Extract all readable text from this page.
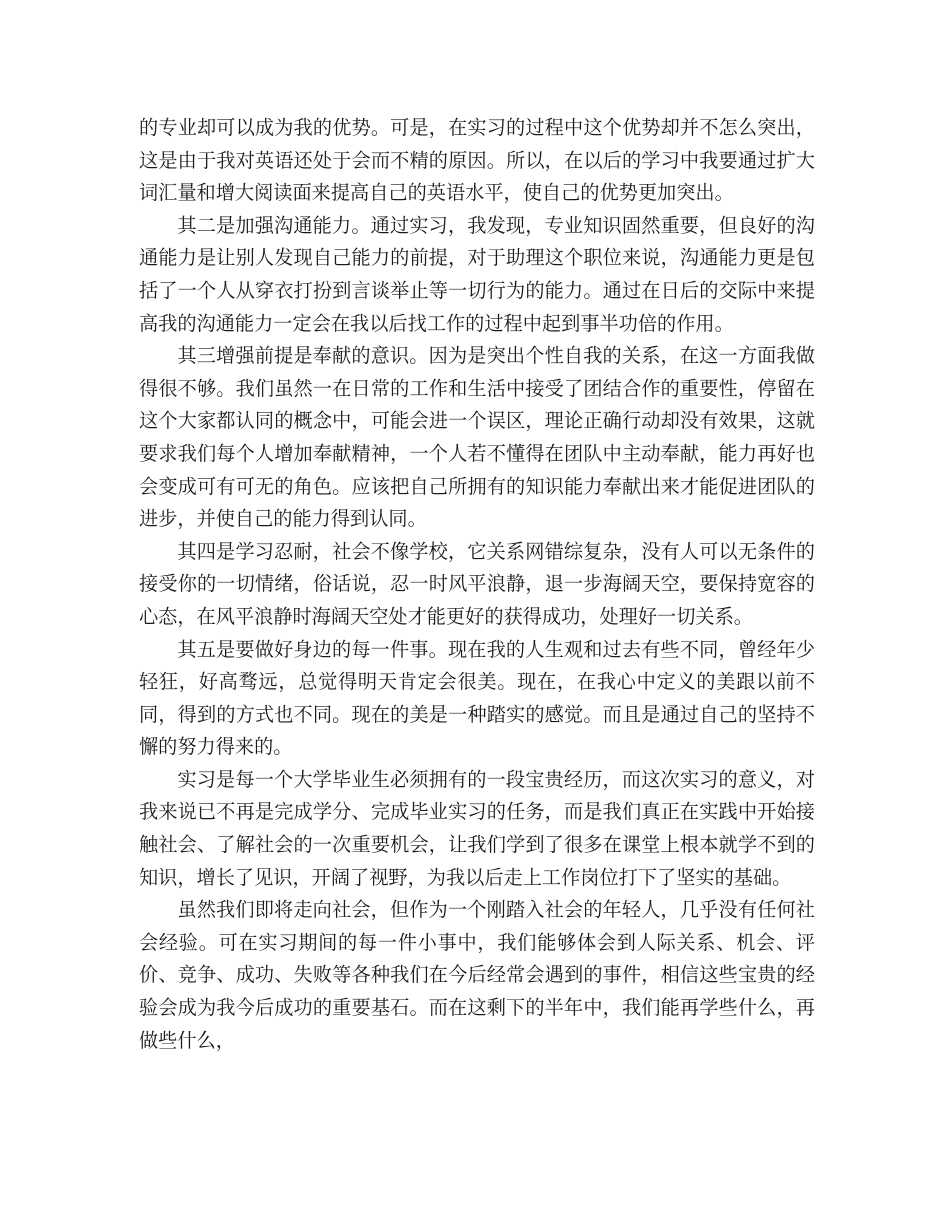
的专业却可以成为我的优势。可是，在实习的过程中这个优势却并不怎么突出，这是由于我对英语还处于会而不精的原因。所以，在以后的学习中我要通过扩大词汇量和增大阅读面来提高自己的英语水平，使自己的优势更加突出。

其二是加强沟通能力。通过实习，我发现，专业知识固然重要，但良好的沟通能力是让别人发现自己能力的前提，对于助理这个职位来说，沟通能力更是包括了一个人从穿衣打扮到言谈举止等一切行为的能力。通过在日后的交际中来提高我的沟通能力一定会在我以后找工作的过程中起到事半功倍的作用。

其三增强前提是奉献的意识。因为是突出个性自我的关系，在这一方面我做得很不够。我们虽然一在日常的工作和生活中接受了团结合作的重要性，停留在这个大家都认同的概念中，可能会进一个误区，理论正确行动却没有效果，这就要求我们每个人增加奉献精神，一个人若不懂得在团队中主动奉献，能力再好也会变成可有可无的角色。应该把自己所拥有的知识能力奉献出来才能促进团队的进步，并使自己的能力得到认同。

其四是学习忍耐，社会不像学校，它关系网错综复杂，没有人可以无条件的接受你的一切情绪，俗话说，忍一时风平浪静，退一步海阔天空，要保持宽容的心态，在风平浪静时海阔天空处才能更好的获得成功，处理好一切关系。

其五是要做好身边的每一件事。现在我的人生观和过去有些不同，曾经年少轻狂，好高骛远，总觉得明天肯定会很美。现在，在我心中定义的美跟以前不同，得到的方式也不同。现在的美是一种踏实的感觉。而且是通过自己的坚持不懈的努力得来的。

实习是每一个大学毕业生必须拥有的一段宝贵经历，而这次实习的意义，对我来说已不再是完成学分、完成毕业实习的任务，而是我们真正在实践中开始接触社会、了解社会的一次重要机会，让我们学到了很多在课堂上根本就学不到的知识，增长了见识，开阔了视野，为我以后走上工作岗位打下了坚实的基础。

虽然我们即将走向社会，但作为一个刚踏入社会的年轻人，几乎没有任何社会经验。可在实习期间的每一件小事中，我们能够体会到人际关系、机会、评价、竞争、成功、失败等各种我们在今后经常会遇到的事件，相信这些宝贵的经验会成为我今后成功的重要基石。而在这剩下的半年中，我们能再学些什么，再做些什么，
